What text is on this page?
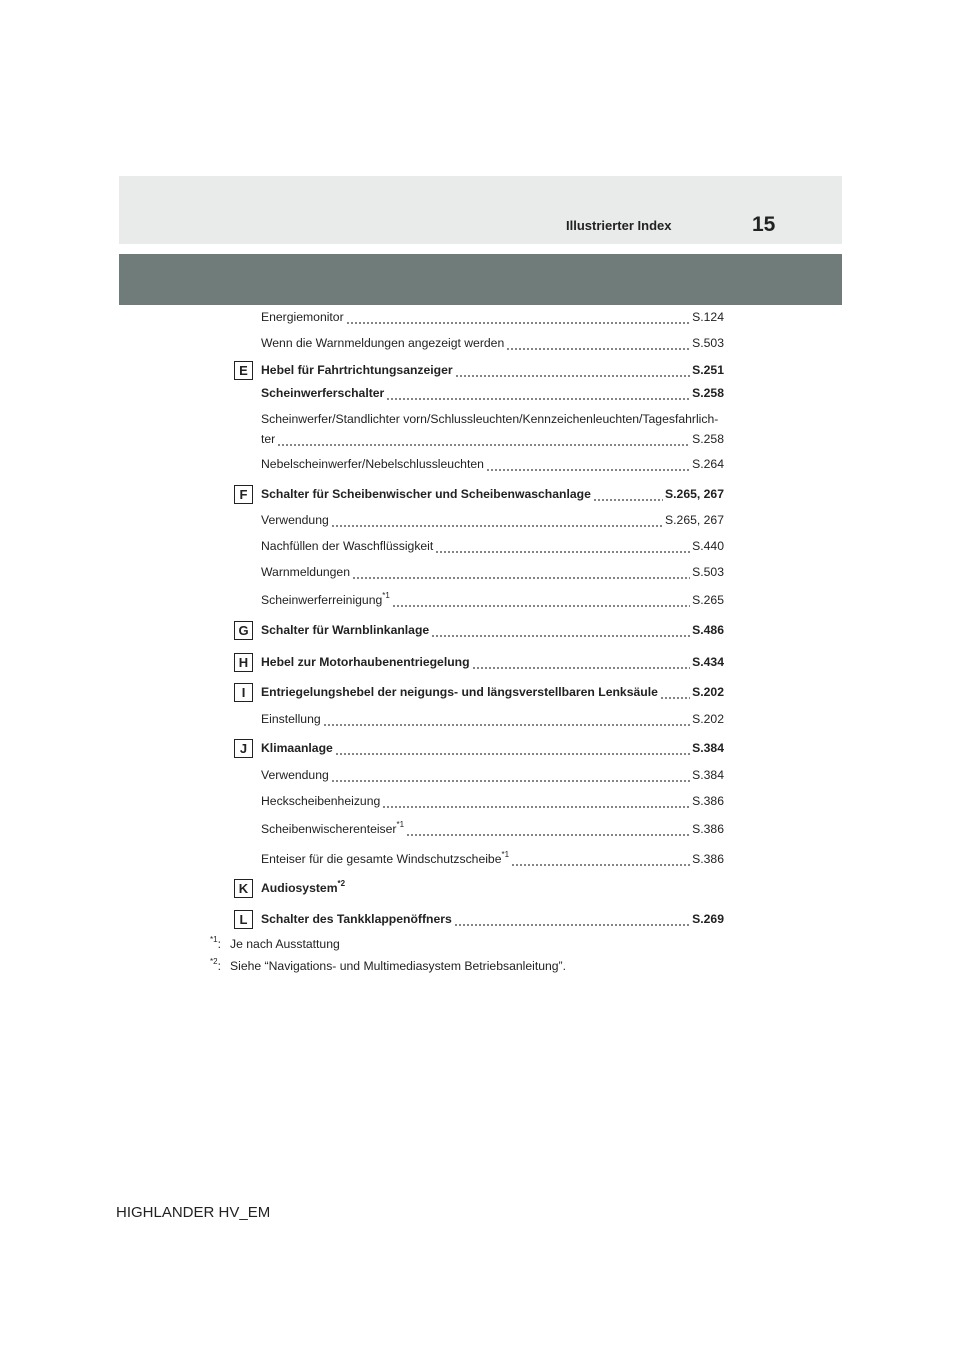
Illustrierter Index	15
Energiemonitor	S.124
Wenn die Warnmeldungen angezeigt werden	S.503
E	Hebel für Fahrtrichtungsanzeiger	S.251
Scheinwerferschalter	S.258
Scheinwerfer/Standlichter vorn/Schlussleuchten/Kennzeichenleuchten/Tagesfahrlich-
ter	S.258
Nebelscheinwerfer/Nebelschlussleuchten	S.264
F	Schalter für Scheibenwischer und Scheibenwaschanlage	S.265, 267
Verwendung	S.265, 267
Nachfüllen der Waschflüssigkeit	S.440
Warnmeldungen	S.503
Scheinwerferreinigung$^{*1}$	S.265
G	Schalter für Warnblinkanlage	S.486
H	Hebel zur Motorhaubenentriegelung	S.434
I	Entriegelungshebel der neigungs- und längsverstellbaren Lenksäule	S.202
Einstellung	S.202
J	Klimaanlage	S.384
Verwendung	S.384
Heckscheibenheizung	S.386
Scheibenwischerenteiser$^{*1}$	S.386
Enteiser für die gesamte Windschutzscheibe$^{*1}$	S.386
K	Audiosystem$^{*2}$
L	Schalter des Tankklappenöffners	S.269
$^{*1}$: Je nach Ausstattung
$^{*2}$: Siehe “Navigations- und Multimediasystem Betriebsanleitung”.
HIGHLANDER HV_EM
